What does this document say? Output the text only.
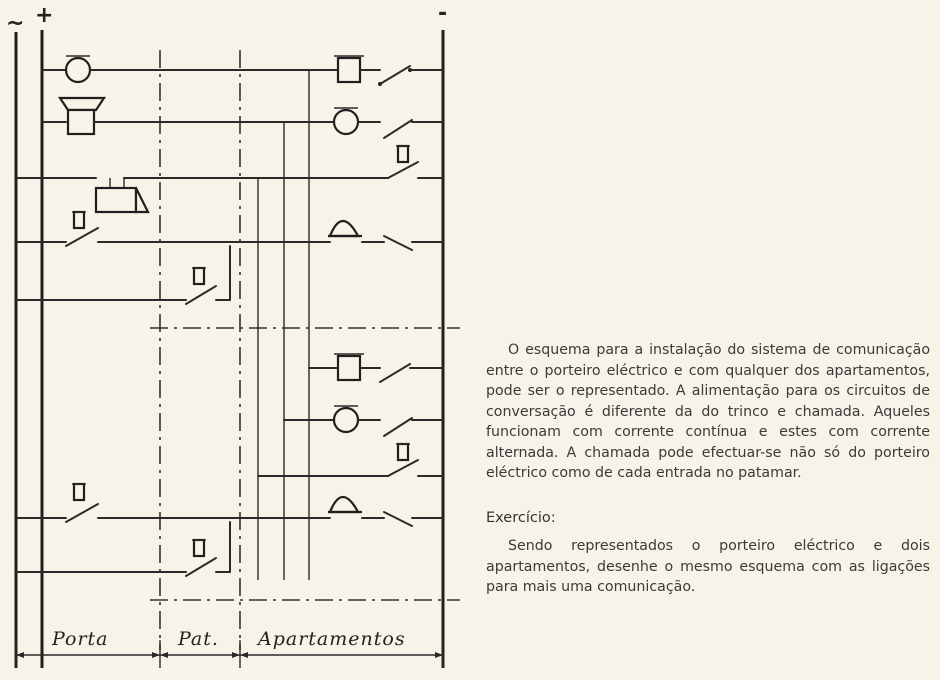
~ +	-
Porta	Pat. Apartamentos

O esquema para a instalação do sistema de comunicação entre o porteiro eléctrico e com qualquer dos apartamentos, pode ser o representado. A alimentação para os circuitos de conversação é diferente da do trinco e chamada. Aqueles funcionam com corrente contínua e estes com corrente alternada. A chamada pode efectuar-se não só do porteiro eléctrico como de cada entrada no patamar.

Exercício:

Sendo representados o porteiro eléctrico e dois apartamentos, desenhe o mesmo esquema com as ligações para mais uma comunicação.
